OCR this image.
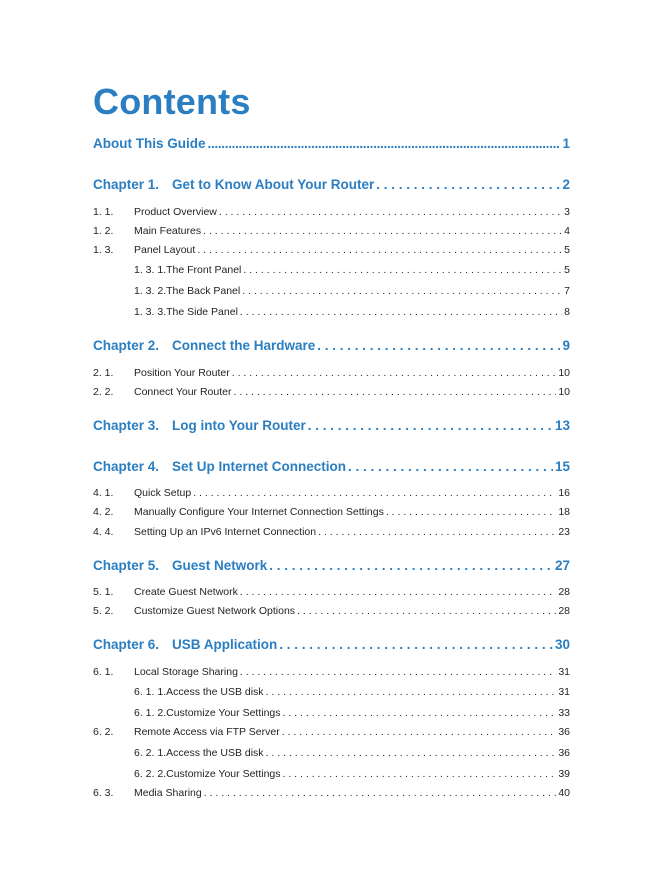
Contents
About This Guide .....	1
Chapter 1. Get to Know About Your Router . . .	2
1. 1.	Product Overview . . .	3
1. 2.	Main Features . . .	4
1. 3.	Panel Layout . . .	5
1. 3. 1.The Front Panel . . .	5
1. 3. 2.The Back Panel . . .	7
1. 3. 3.The Side Panel . . .	8
Chapter 2. Connect the Hardware . . .	9
2. 1.	Position Your Router . . .	10
2. 2.	Connect Your Router . . .	10
Chapter 3. Log into Your Router . . .	13
Chapter 4. Set Up Internet Connection . . .	15
4. 1.	Quick Setup . . .	16
4. 2.	Manually Configure Your Internet Connection Settings . . .	18
4. 4.	Setting Up an IPv6 Internet Connection . . .	23
Chapter 5. Guest Network . . .	27
5. 1.	Create Guest Network . . .	28
5. 2.	Customize Guest Network Options . . .	28
Chapter 6. USB Application . . .	30
6. 1.	Local Storage Sharing . . .	31
6. 1. 1.Access the USB disk . . .	31
6. 1. 2.Customize Your Settings . . .	33
6. 2.	Remote Access via FTP Server . . .	36
6. 2. 1.Access the USB disk . . .	36
6. 2. 2.Customize Your Settings . . .	39
6. 3.	Media Sharing . . .	40
